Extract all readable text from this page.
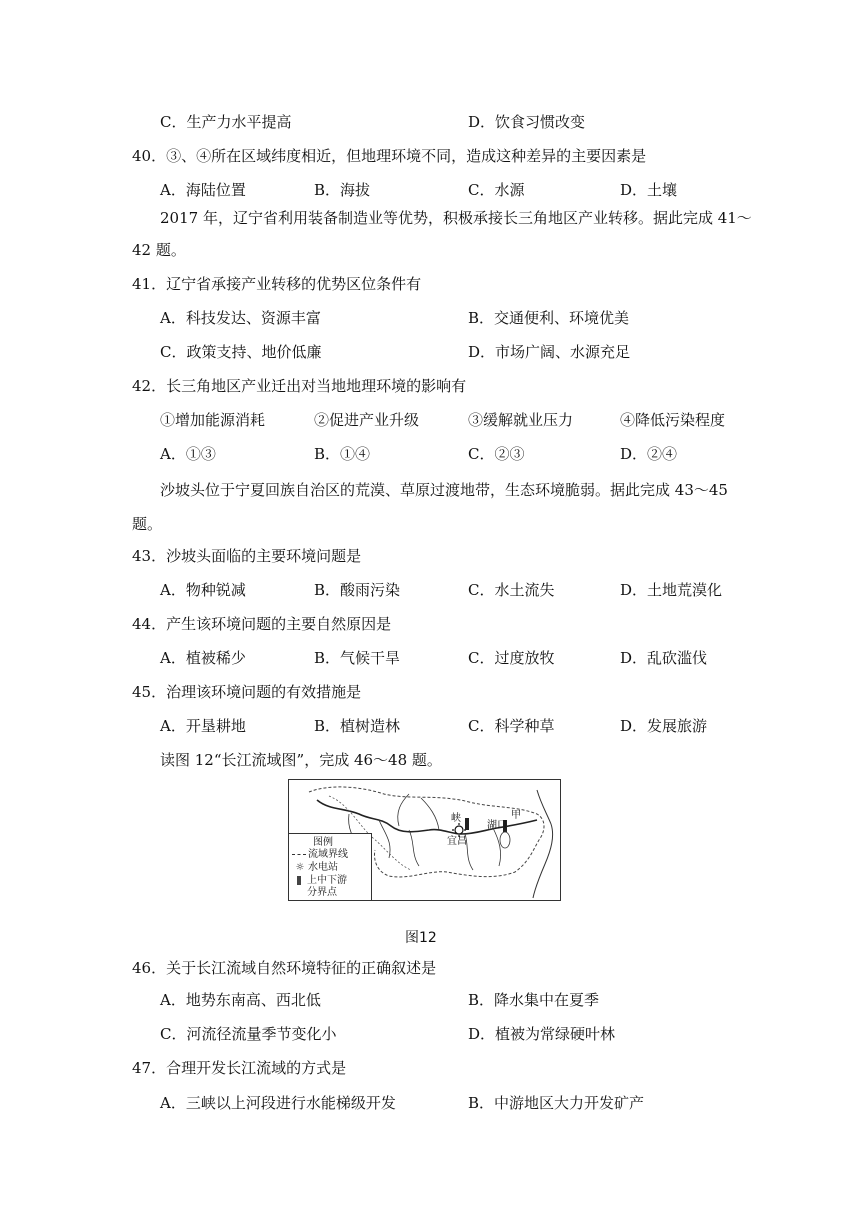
C．生产力水平提高	D．饮食习惯改变
40．③、④所在区域纬度相近，但地理环境不同，造成这种差异的主要因素是
A．海陆位置	B．海拔	C．水源	D．土壤
2017 年，辽宁省利用装备制造业等优势，积极承接长三角地区产业转移。据此完成 41～
42 题。
41．辽宁省承接产业转移的优势区位条件有
A．科技发达、资源丰富	B．交通便利、环境优美
C．政策支持、地价低廉	D．市场广阔、水源充足
42．长三角地区产业迁出对当地地理环境的影响有
①增加能源消耗	②促进产业升级	③缓解就业压力	④降低污染程度
A．①③	B．①④	C．②③	D．②④
沙坡头位于宁夏回族自治区的荒漠、草原过渡地带，生态环境脆弱。据此完成 43～45
题。
43．沙坡头面临的主要环境问题是
A．物种锐减	B．酸雨污染	C．水土流失	D．土地荒漠化
44．产生该环境问题的主要自然原因是
A．植被稀少	B．气候干旱	C．过度放牧	D．乱砍滥伐
45．治理该环境问题的有效措施是
A．开垦耕地	B．植树造林	C．科学种草	D．发展旅游
读图 12“长江流域图”，完成 46～48 题。
峡
宜昌
湖口
甲
图例
流域界线
☼ 水电站
上中下游
分界点
图12
46．关于长江流域自然环境特征的正确叙述是
A．地势东南高、西北低	B．降水集中在夏季
C．河流径流量季节变化小	D．植被为常绿硬叶林
47．合理开发长江流域的方式是
A．三峡以上河段进行水能梯级开发	B．中游地区大力开发矿产
